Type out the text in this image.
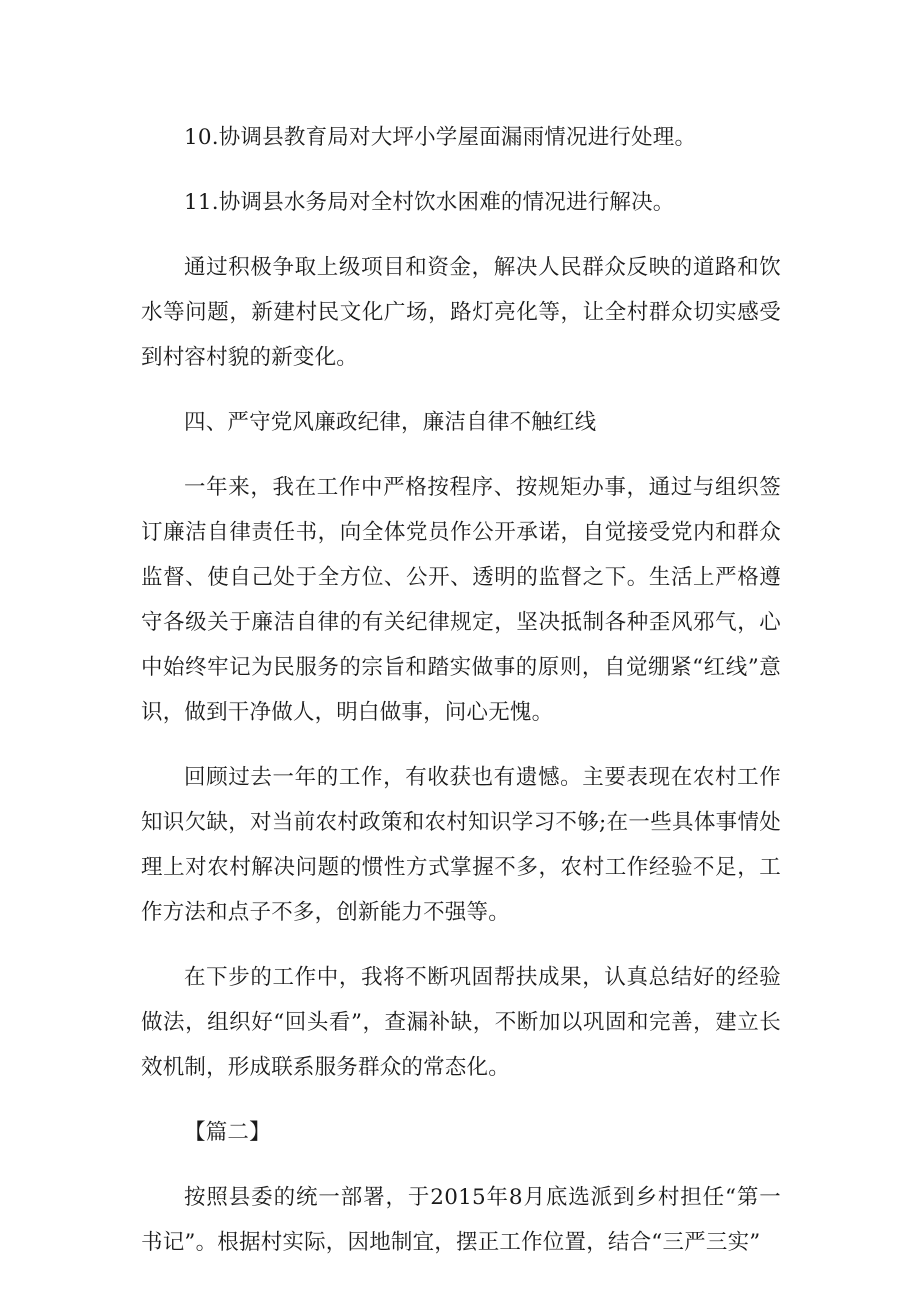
10.协调县教育局对大坪小学屋面漏雨情况进行处理。

11.协调县水务局对全村饮水困难的情况进行解决。

通过积极争取上级项目和资金，解决人民群众反映的道路和饮水等问题，新建村民文化广场，路灯亮化等，让全村群众切实感受到村容村貌的新变化。

四、严守党风廉政纪律，廉洁自律不触红线

一年来，我在工作中严格按程序、按规矩办事，通过与组织签订廉洁自律责任书，向全体党员作公开承诺，自觉接受党内和群众监督、使自己处于全方位、公开、透明的监督之下。生活上严格遵守各级关于廉洁自律的有关纪律规定，坚决抵制各种歪风邪气，心中始终牢记为民服务的宗旨和踏实做事的原则，自觉绷紧“红线”意识，做到干净做人，明白做事，问心无愧。

回顾过去一年的工作，有收获也有遗憾。主要表现在农村工作知识欠缺，对当前农村政策和农村知识学习不够;在一些具体事情处理上对农村解决问题的惯性方式掌握不多，农村工作经验不足，工作方法和点子不多，创新能力不强等。

在下步的工作中，我将不断巩固帮扶成果，认真总结好的经验做法，组织好“回头看”，查漏补缺，不断加以巩固和完善，建立长效机制，形成联系服务群众的常态化。

【篇二】

按照县委的统一部署，于2015年8月底选派到乡村担任“第一书记”。根据村实际，因地制宜，摆正工作位置，结合“三严三实”
